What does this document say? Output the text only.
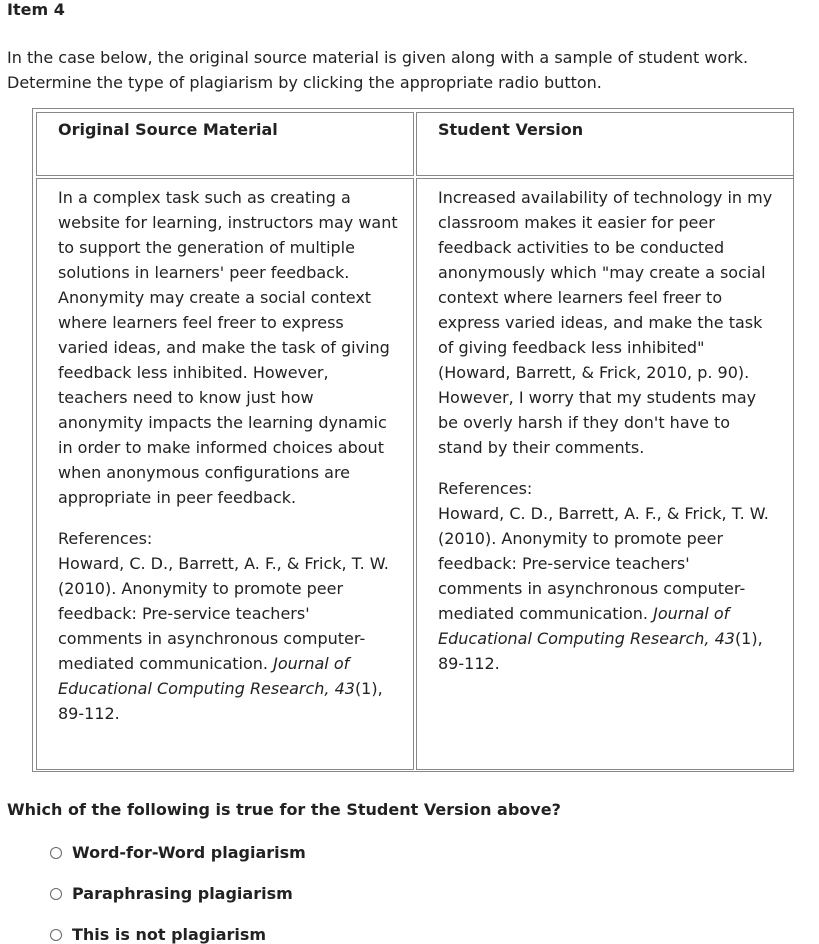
Item 4
In the case below, the original source material is given along with a sample of student work.
Determine the type of plagiarism by clicking the appropriate radio button.
Original Source Material	Student Version

In a complex task such as creating a website for learning, instructors may want to support the generation of multiple solutions in learners' peer feedback. Anonymity may create a social context where learners feel freer to express varied ideas, and make the task of giving feedback less inhibited. However, teachers need to know just how anonymity impacts the learning dynamic in order to make informed choices about when anonymous configurations are appropriate in peer feedback.

References:
Howard, C. D., Barrett, A. F., & Frick, T. W. (2010). Anonymity to promote peer feedback: Pre-service teachers' comments in asynchronous computer-mediated communication. Journal of Educational Computing Research, 43(1), 89-112.

Increased availability of technology in my classroom makes it easier for peer feedback activities to be conducted anonymously which "may create a social context where learners feel freer to express varied ideas, and make the task of giving feedback less inhibited" (Howard, Barrett, & Frick, 2010, p. 90). However, I worry that my students may be overly harsh if they don't have to stand by their comments.

References:
Howard, C. D., Barrett, A. F., & Frick, T. W. (2010). Anonymity to promote peer feedback: Pre-service teachers' comments in asynchronous computer-mediated communication. Journal of Educational Computing Research, 43(1), 89-112.

Which of the following is true for the Student Version above?
Word-for-Word plagiarism
Paraphrasing plagiarism
This is not plagiarism
